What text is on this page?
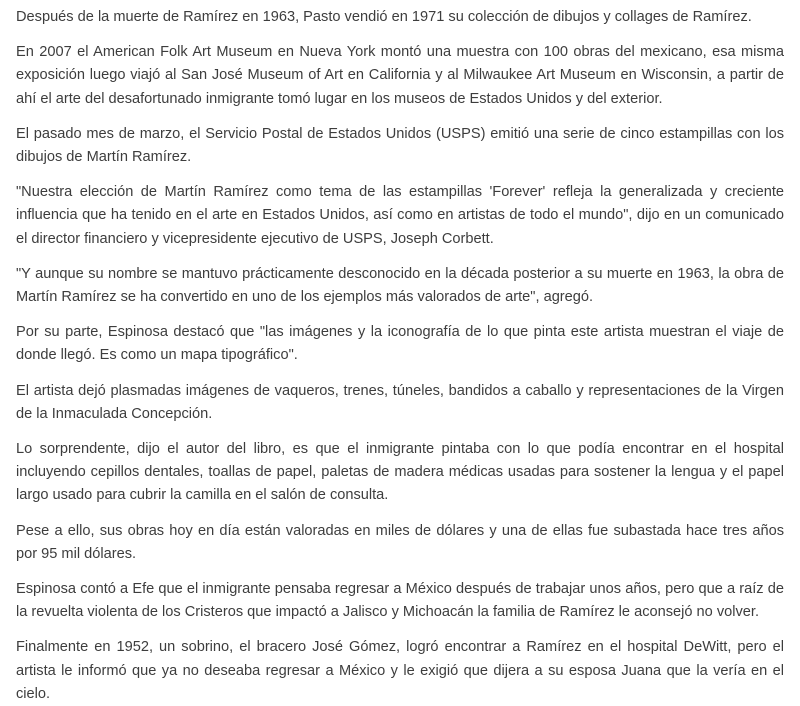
Después de la muerte de Ramírez en 1963, Pasto vendió en 1971 su colección de dibujos y collages de Ramírez.

En 2007 el American Folk Art Museum en Nueva York montó una muestra con 100 obras del mexicano, esa misma exposición luego viajó al San José Museum of Art en California y al Milwaukee Art Museum en Wisconsin, a partir de ahí el arte del desafortunado inmigrante tomó lugar en los museos de Estados Unidos y del exterior.

El pasado mes de marzo, el Servicio Postal de Estados Unidos (USPS) emitió una serie de cinco estampillas con los dibujos de Martín Ramírez.

"Nuestra elección de Martín Ramírez como tema de las estampillas 'Forever' refleja la generalizada y creciente influencia que ha tenido en el arte en Estados Unidos, así como en artistas de todo el mundo", dijo en un comunicado el director financiero y vicepresidente ejecutivo de USPS, Joseph Corbett.

"Y aunque su nombre se mantuvo prácticamente desconocido en la década posterior a su muerte en 1963, la obra de Martín Ramírez se ha convertido en uno de los ejemplos más valorados de arte", agregó.

Por su parte, Espinosa destacó que "las imágenes y la iconografía de lo que pinta este artista muestran el viaje de donde llegó. Es como un mapa tipográfico".

El artista dejó plasmadas imágenes de vaqueros, trenes, túneles, bandidos a caballo y representaciones de la Virgen de la Inmaculada Concepción.

Lo sorprendente, dijo el autor del libro, es que el inmigrante pintaba con lo que podía encontrar en el hospital incluyendo cepillos dentales, toallas de papel, paletas de madera médicas usadas para sostener la lengua y el papel largo usado para cubrir la camilla en el salón de consulta.

Pese a ello, sus obras hoy en día están valoradas en miles de dólares y una de ellas fue subastada hace tres años por 95 mil dólares.

Espinosa contó a Efe que el inmigrante pensaba regresar a México después de trabajar unos años, pero que a raíz de la revuelta violenta de los Cristeros que impactó a Jalisco y Michoacán la familia de Ramírez le aconsejó no volver.

Finalmente en 1952, un sobrino, el bracero José Gómez, logró encontrar a Ramírez en el hospital DeWitt, pero el artista le informó que ya no deseaba regresar a México y le exigió que dijera a su esposa Juana que la vería en el cielo.
